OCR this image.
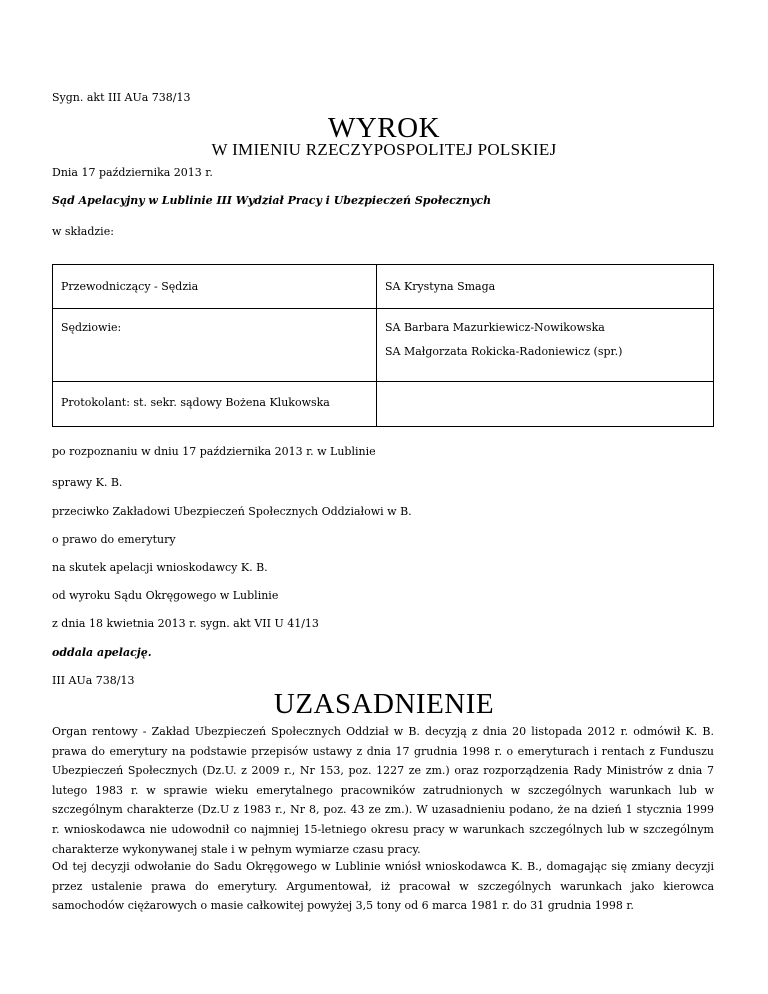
Sygn. akt III AUa 738/13
WYROK
W IMIENIU RZECZYPOSPOLITEJ POLSKIEJ
Dnia 17 października 2013 r.
Sąd Apelacyjny w Lublinie III Wydział Pracy i Ubezpieczeń Społecznych
w składzie:
Przewodniczący - Sędzia	SA Krystyna Smaga
Sędziowie:	SA Barbara Mazurkiewicz-Nowikowska
SA Małgorzata Rokicka-Radoniewicz (spr.)

Protokolant: st. sekr. sądowy Bożena Klukowska	
po rozpoznaniu w dniu 17 października 2013 r. w Lublinie
sprawy K. B.
przeciwko Zakładowi Ubezpieczeń Społecznych Oddziałowi w B.
o prawo do emerytury
na skutek apelacji wnioskodawcy K. B.
od wyroku Sądu Okręgowego w Lublinie
z dnia 18 kwietnia 2013 r. sygn. akt VII U 41/13
oddala apelację.
III AUa 738/13
UZASADNIENIE
Organ rentowy - Zakład Ubezpieczeń Społecznych Oddział w B. decyzją z dnia 20 listopada 2012 r. odmówił K. B. prawa do emerytury na podstawie przepisów ustawy z dnia 17 grudnia 1998 r. o emeryturach i rentach z Funduszu Ubezpieczeń Społecznych (Dz.U. z 2009 r., Nr 153, poz. 1227 ze zm.) oraz rozporządzenia Rady Ministrów z dnia 7 lutego 1983 r. w sprawie wieku emerytalnego pracowników zatrudnionych w szczególnych warunkach lub w szczególnym charakterze (Dz.U z 1983 r., Nr 8, poz. 43 ze zm.). W uzasadnieniu podano, że na dzień 1 stycznia 1999 r. wnioskodawca nie udowodnił co najmniej 15-letniego okresu pracy w warunkach szczególnych lub w szczególnym charakterze wykonywanej stale i w pełnym wymiarze czasu pracy.
Od tej decyzji odwołanie do Sadu Okręgowego w Lublinie wniósł wnioskodawca K. B., domagając się zmiany decyzji przez ustalenie prawa do emerytury. Argumentował, iż pracował w szczególnych warunkach jako kierowca samochodów ciężarowych o masie całkowitej powyżej 3,5 tony od 6 marca 1981 r. do 31 grudnia 1998 r.
